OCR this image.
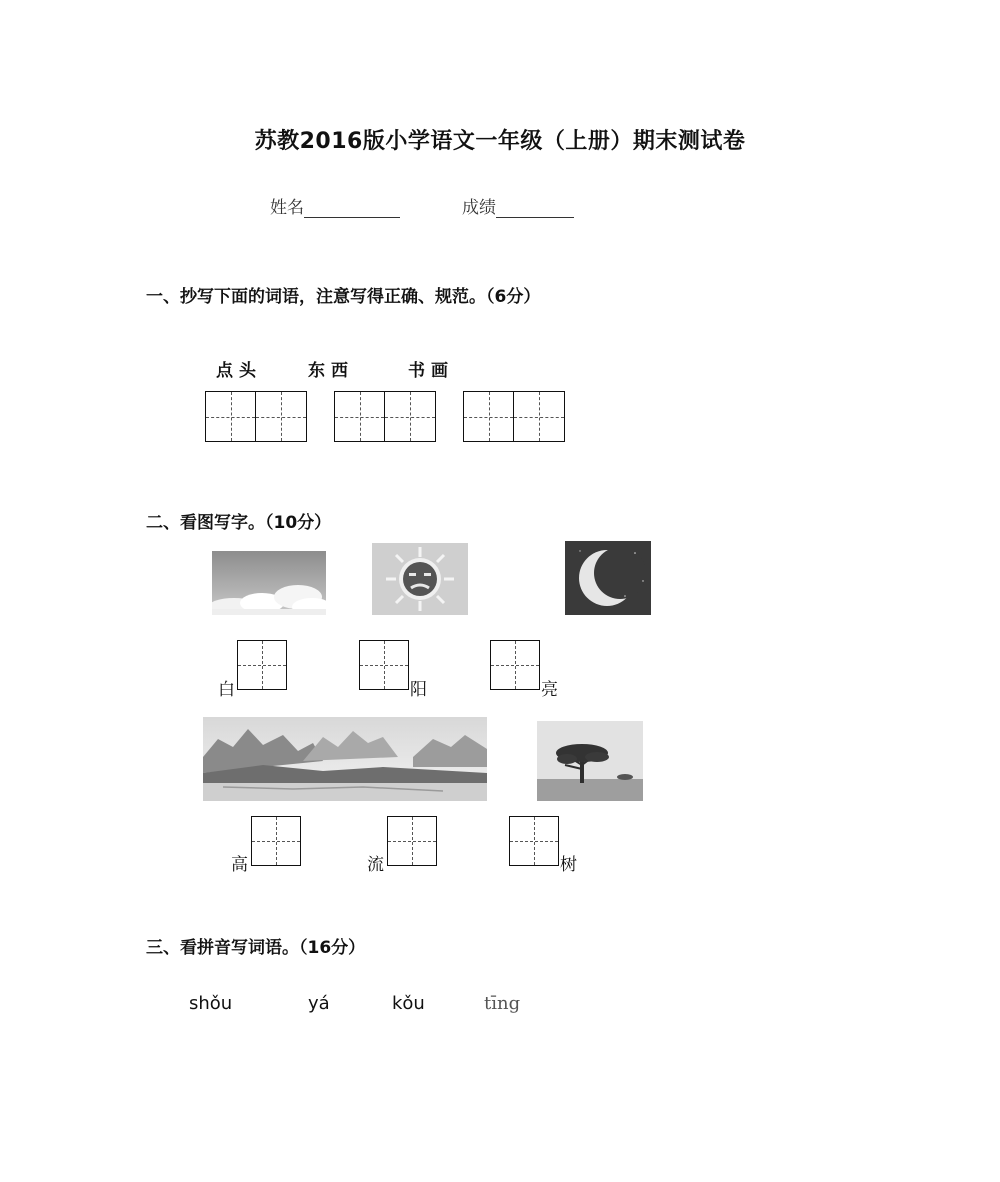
苏教2016版小学语文一年级（上册）期末测试卷
姓名	成绩
一、抄写下面的词语，注意写得正确、规范。（6分）
点头	东西	书画
二、看图写字。（10分）
白	阳	亮
高	流	树
三、看拼音写词语。（16分）
shǒu	yá	kǒu	tīng
